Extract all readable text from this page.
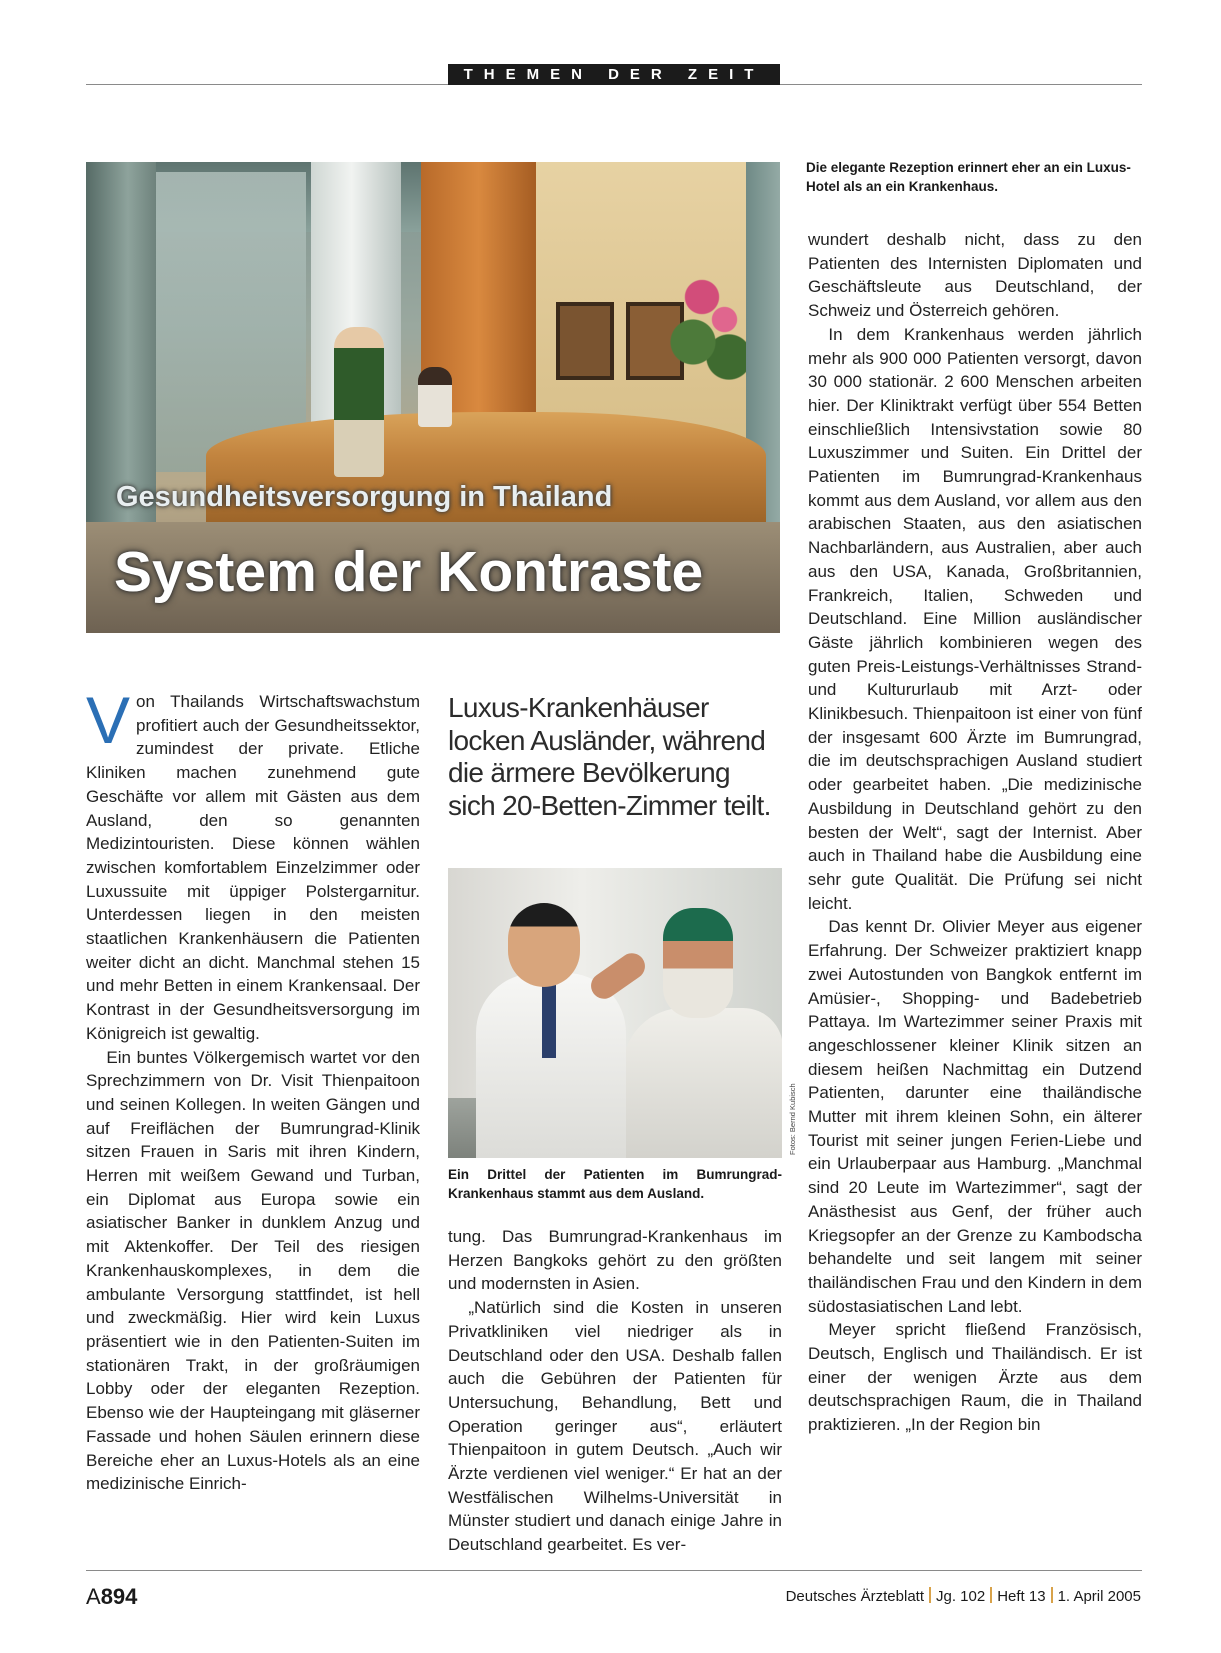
THEMEN DER ZEIT
Gesundheitsversorgung in Thailand
System der Kontraste
Die elegante Rezeption erinnert eher an ein Luxus-Hotel als an ein Krankenhaus.

Von Thailands Wirtschaftswachstum profitiert auch der Gesundheitssektor, zumindest der private. Etliche Kliniken machen zunehmend gute Geschäfte vor allem mit Gästen aus dem Ausland, den so genannten Medizintouristen. Diese können wählen zwischen komfortablem Einzelzimmer oder Luxussuite mit üppiger Polstergarnitur. Unterdessen liegen in den meisten staatlichen Krankenhäusern die Patienten weiter dicht an dicht. Manchmal stehen 15 und mehr Betten in einem Krankensaal. Der Kontrast in der Gesundheitsversorgung im Königreich ist gewaltig.

Ein buntes Völkergemisch wartet vor den Sprechzimmern von Dr. Visit Thienpaitoon und seinen Kollegen. In weiten Gängen und auf Freiflächen der Bumrungrad-Klinik sitzen Frauen in Saris mit ihren Kindern, Herren mit weißem Gewand und Turban, ein Diplomat aus Europa sowie ein asiatischer Banker in dunklem Anzug und mit Aktenkoffer. Der Teil des riesigen Krankenhauskomplexes, in dem die ambulante Versorgung stattfindet, ist hell und zweckmäßig. Hier wird kein Luxus präsentiert wie in den Patienten-Suiten im stationären Trakt, in der großräumigen Lobby oder der eleganten Rezeption. Ebenso wie der Haupteingang mit gläserner Fassade und hohen Säulen erinnern diese Bereiche eher an Luxus-Hotels als an eine medizinische Einrich-

Luxus-Krankenhäuser locken Ausländer, während die ärmere Bevölkerung sich 20-Betten-Zimmer teilt.
Fotos: Bernd Kubisch
Ein Drittel der Patienten im Bumrungrad-Krankenhaus stammt aus dem Ausland.

tung. Das Bumrungrad-Krankenhaus im Herzen Bangkoks gehört zu den größten und modernsten in Asien.

„Natürlich sind die Kosten in unseren Privatkliniken viel niedriger als in Deutschland oder den USA. Deshalb fallen auch die Gebühren der Patienten für Untersuchung, Behandlung, Bett und Operation geringer aus“, erläutert Thienpaitoon in gutem Deutsch. „Auch wir Ärzte verdienen viel weniger.“ Er hat an der Westfälischen Wilhelms-Universität in Münster studiert und danach einige Jahre in Deutschland gearbeitet. Es ver-

wundert deshalb nicht, dass zu den Patienten des Internisten Diplomaten und Geschäftsleute aus Deutschland, der Schweiz und Österreich gehören.

In dem Krankenhaus werden jährlich mehr als 900 000 Patienten versorgt, davon 30 000 stationär. 2 600 Menschen arbeiten hier. Der Kliniktrakt verfügt über 554 Betten einschließlich Intensivstation sowie 80 Luxuszimmer und Suiten. Ein Drittel der Patienten im Bumrungrad-Krankenhaus kommt aus dem Ausland, vor allem aus den arabischen Staaten, aus den asiatischen Nachbarländern, aus Australien, aber auch aus den USA, Kanada, Großbritannien, Frankreich, Italien, Schweden und Deutschland. Eine Million ausländischer Gäste jährlich kombinieren wegen des guten Preis-Leistungs-Verhältnisses Strand- und Kultururlaub mit Arzt- oder Klinikbesuch. Thienpaitoon ist einer von fünf der insgesamt 600 Ärzte im Bumrungrad, die im deutschsprachigen Ausland studiert oder gearbeitet haben. „Die medizinische Ausbildung in Deutschland gehört zu den besten der Welt“, sagt der Internist. Aber auch in Thailand habe die Ausbildung eine sehr gute Qualität. Die Prüfung sei nicht leicht.

Das kennt Dr. Olivier Meyer aus eigener Erfahrung. Der Schweizer praktiziert knapp zwei Autostunden von Bangkok entfernt im Amüsier-, Shopping- und Badebetrieb Pattaya. Im Wartezimmer seiner Praxis mit angeschlossener kleiner Klinik sitzen an diesem heißen Nachmittag ein Dutzend Patienten, darunter eine thailändische Mutter mit ihrem kleinen Sohn, ein älterer Tourist mit seiner jungen Ferien-Liebe und ein Urlauberpaar aus Hamburg. „Manchmal sind 20 Leute im Wartezimmer“, sagt der Anästhesist aus Genf, der früher auch Kriegsopfer an der Grenze zu Kambodscha behandelte und seit langem mit seiner thailändischen Frau und den Kindern in dem südostasiatischen Land lebt.

Meyer spricht fließend Französisch, Deutsch, Englisch und Thailändisch. Er ist einer der wenigen Ärzte aus dem deutschsprachigen Raum, die in Thailand praktizieren. „In der Region bin

A894	Deutsches Ärzteblatt Jg. 102 Heft 13 1. April 2005
